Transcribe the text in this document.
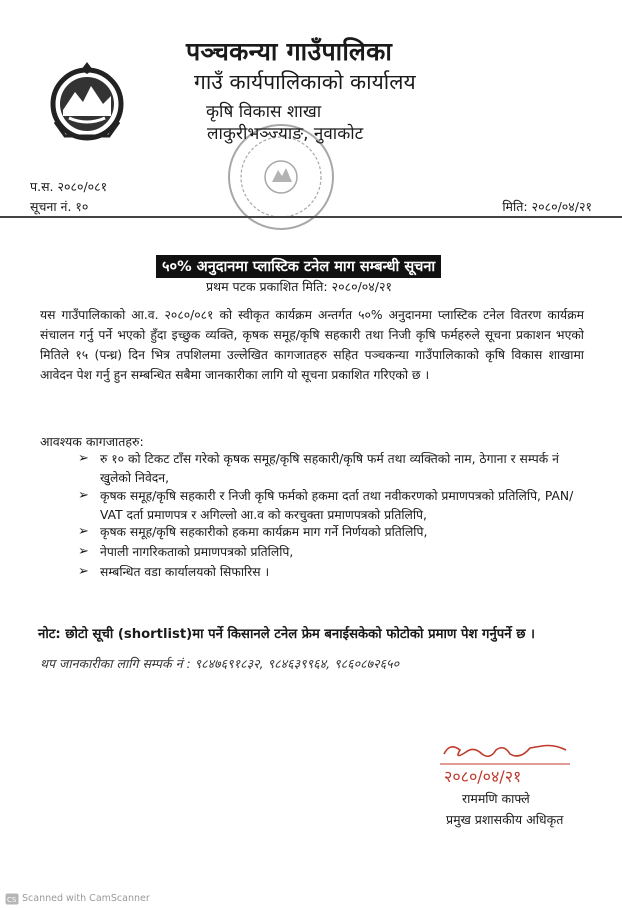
पञ्चकन्या गाउँपालिका
गाउँ कार्यपालिकाको कार्यालय
कृषि विकास शाखा
लाकुरीभञ्ज्याङ, नुवाकोट
प.स. २०८०/०८१
सूचना नं. १०	मिति: २०८०/०४/२१
५०% अनुदानमा प्लास्टिक टनेल माग सम्बन्धी सूचना
प्रथम पटक प्रकाशित मिति: २०८०/०४/२१
यस गाउँपालिकाको आ.व. २०८०/०८१ को स्वीकृत कार्यक्रम अन्तर्गत ५०% अनुदानमा प्लास्टिक टनेल वितरण कार्यक्रम संचालन गर्नु पर्ने भएको हुँदा इच्छुक व्यक्ति, कृषक समूह/कृषि सहकारी तथा निजी कृषि फर्महरुले सूचना प्रकाशन भएको मितिले १५ (पन्ध्र) दिन भित्र तपशिलमा उल्लेखित कागजातहरु सहित पञ्चकन्या गाउँपालिकाको कृषि विकास शाखामा आवेदन पेश गर्नु हुन सम्बन्धित सबैमा जानकारीका लागि यो सूचना प्रकाशित गरिएको छ ।
आवश्यक कागजातहरु:
➢ रु १० को टिकट टाँस गरेको कृषक समूह/कृषि सहकारी/कृषि फर्म तथा व्यक्तिको नाम, ठेगाना र सम्पर्क नं खुलेको निवेदन,
➢ कृषक समूह/कृषि सहकारी र निजी कृषि फर्मको हकमा दर्ता तथा नवीकरणको प्रमाणपत्रको प्रतिलिपि, PAN/ VAT दर्ता प्रमाणपत्र र अगिल्लो आ.व को करचुक्ता प्रमाणपत्रको प्रतिलिपि,
➢ कृषक समूह/कृषि सहकारीको हकमा कार्यक्रम माग गर्ने निर्णयको प्रतिलिपि,
➢ नेपाली नागरिकताको प्रमाणपत्रको प्रतिलिपि,
➢ सम्बन्धित वडा कार्यालयको सिफारिस ।
नोट: छोटो सूची (shortlist)मा पर्ने किसानले टनेल फ्रेम बनाईसकेको फोटोको प्रमाण पेश गर्नुपर्ने छ ।
थप जानकारीका लागि सम्पर्क नं : ९८४७६९१८३२, ९८४६३९९६४, ९८६०८७२६५०
२०८०/०४/२१
राममणि काफ्ले
प्रमुख प्रशासकीय अधिकृत
CS Scanned with CamScanner
